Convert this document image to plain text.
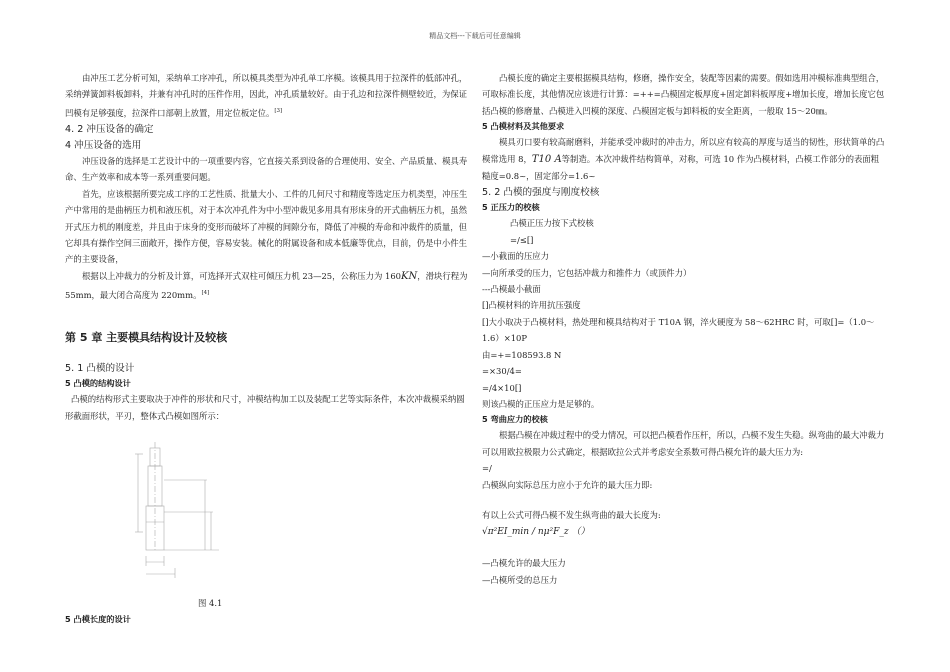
精品文档---下载后可任意编辑

由冲压工艺分析可知，采纳单工序冲孔，所以模具类型为冲孔单工序模。该模具用于拉深件的低部冲孔，采纳弹簧卸料板卸料，并兼有冲孔时的压件作用，因此，冲孔质量较好。由于孔边和拉深件侧壁较近，为保证凹模有足够强度，拉深件口部朝上放置，用定位板定位。[3]

4. 2 冲压设备的确定
4 冲压设备的选用

冲压设备的选择是工艺设计中的一项重要内容，它直接关系到设备的合理使用、安全、产品质量、模具寿命、生产效率和成本等一系列重要问题。

首先，应该根据所要完成工序的工艺性质、批量大小、工件的几何尺寸和精度等选定压力机类型，冲压生产中常用的是曲柄压力机和液压机，对于本次冲孔件为中小型冲裁见多用具有形床身的开式曲柄压力机，虽然开式压力机的刚度差，并且由于床身的变形而破坏了冲模的间隙分布，降低了冲模的寿命和冲裁件的质量，但它却具有操作空间三面敞开，操作方便，容易安装。械化的附属设备和成本低廉等优点，目前，仍是中小件生产的主要设备，

根据以上冲裁力的分析及计算，可选择开式双柱可倾压力机 23—25，公称压力为 160KN，滑块行程为 55mm，最大闭合高度为 220mm。[4]

第 5 章 主要模具结构设计及较核
5. 1 凸模的设计
5 凸模的结构设计

凸模的结构形式主要取决于冲件的形状和尺寸，冲模结构加工以及装配工艺等实际条件，本次冲裁模采纳圆形截面形状，平刃，整体式凸模如图所示：

图 4.1
5 凸模长度的设计

凸模长度的确定主要根据模具结构，修磨，操作安全，装配等因素的需要。假如选用冲模标准典型组合，可取标准长度，其他情况应该进行计算：=++=凸模固定板厚度+固定卸料板厚度+增加长度，增加长度它包括凸模的修磨量、凸模进入凹模的深度、凸模固定板与卸料板的安全距离，一般取 15～20㎜。

5 凸模材料及其他要求

模具刃口要有较高耐磨料，并能承受冲裁时的冲击力，所以应有较高的厚度与适当的韧性，形状简单的凸模常选用 8，T10 A等制造。本次冲裁件结构简单，对称，可选 10 作为凸模材料，凸模工作部分的表面粗糙度=0.8~，固定部分=1.6~

5. 2 凸模的强度与刚度校核
5 正压力的校核

凸模正压力按下式校核

=/≤[]

—小截面的压应力

—向所承受的压力，它包括冲裁力和推件力（或顶件力）

---凸模最小截面

[]凸模材料的许用抗压强度

[]大小取决于凸模材料，热处理和模具结构对于 T10A 钢，淬火硬度为 58～62HRC 时，可取[]=（1.0～1.6）×10P

由=+=108593.8 N

=×30/4=

=/4×10[]

则该凸模的正压应力是足够的。

5 弯曲应力的校核

根据凸模在冲裁过程中的受力情况，可以把凸模看作压杆，所以，凸模不发生失稳。纵弯曲的最大冲裁力可以用欧拉极限力公式确定，根据欧拉公式并考虑安全系数可得凸模允许的最大压力为:

=/

凸模纵向实际总压力应小于允许的最大压力即:

有以上公式可得凸模不发生纵弯曲的最大长度为:

√π²EI_min / nμ²F_z （）

—凸模允许的最大压力

—凸模所受的总压力
